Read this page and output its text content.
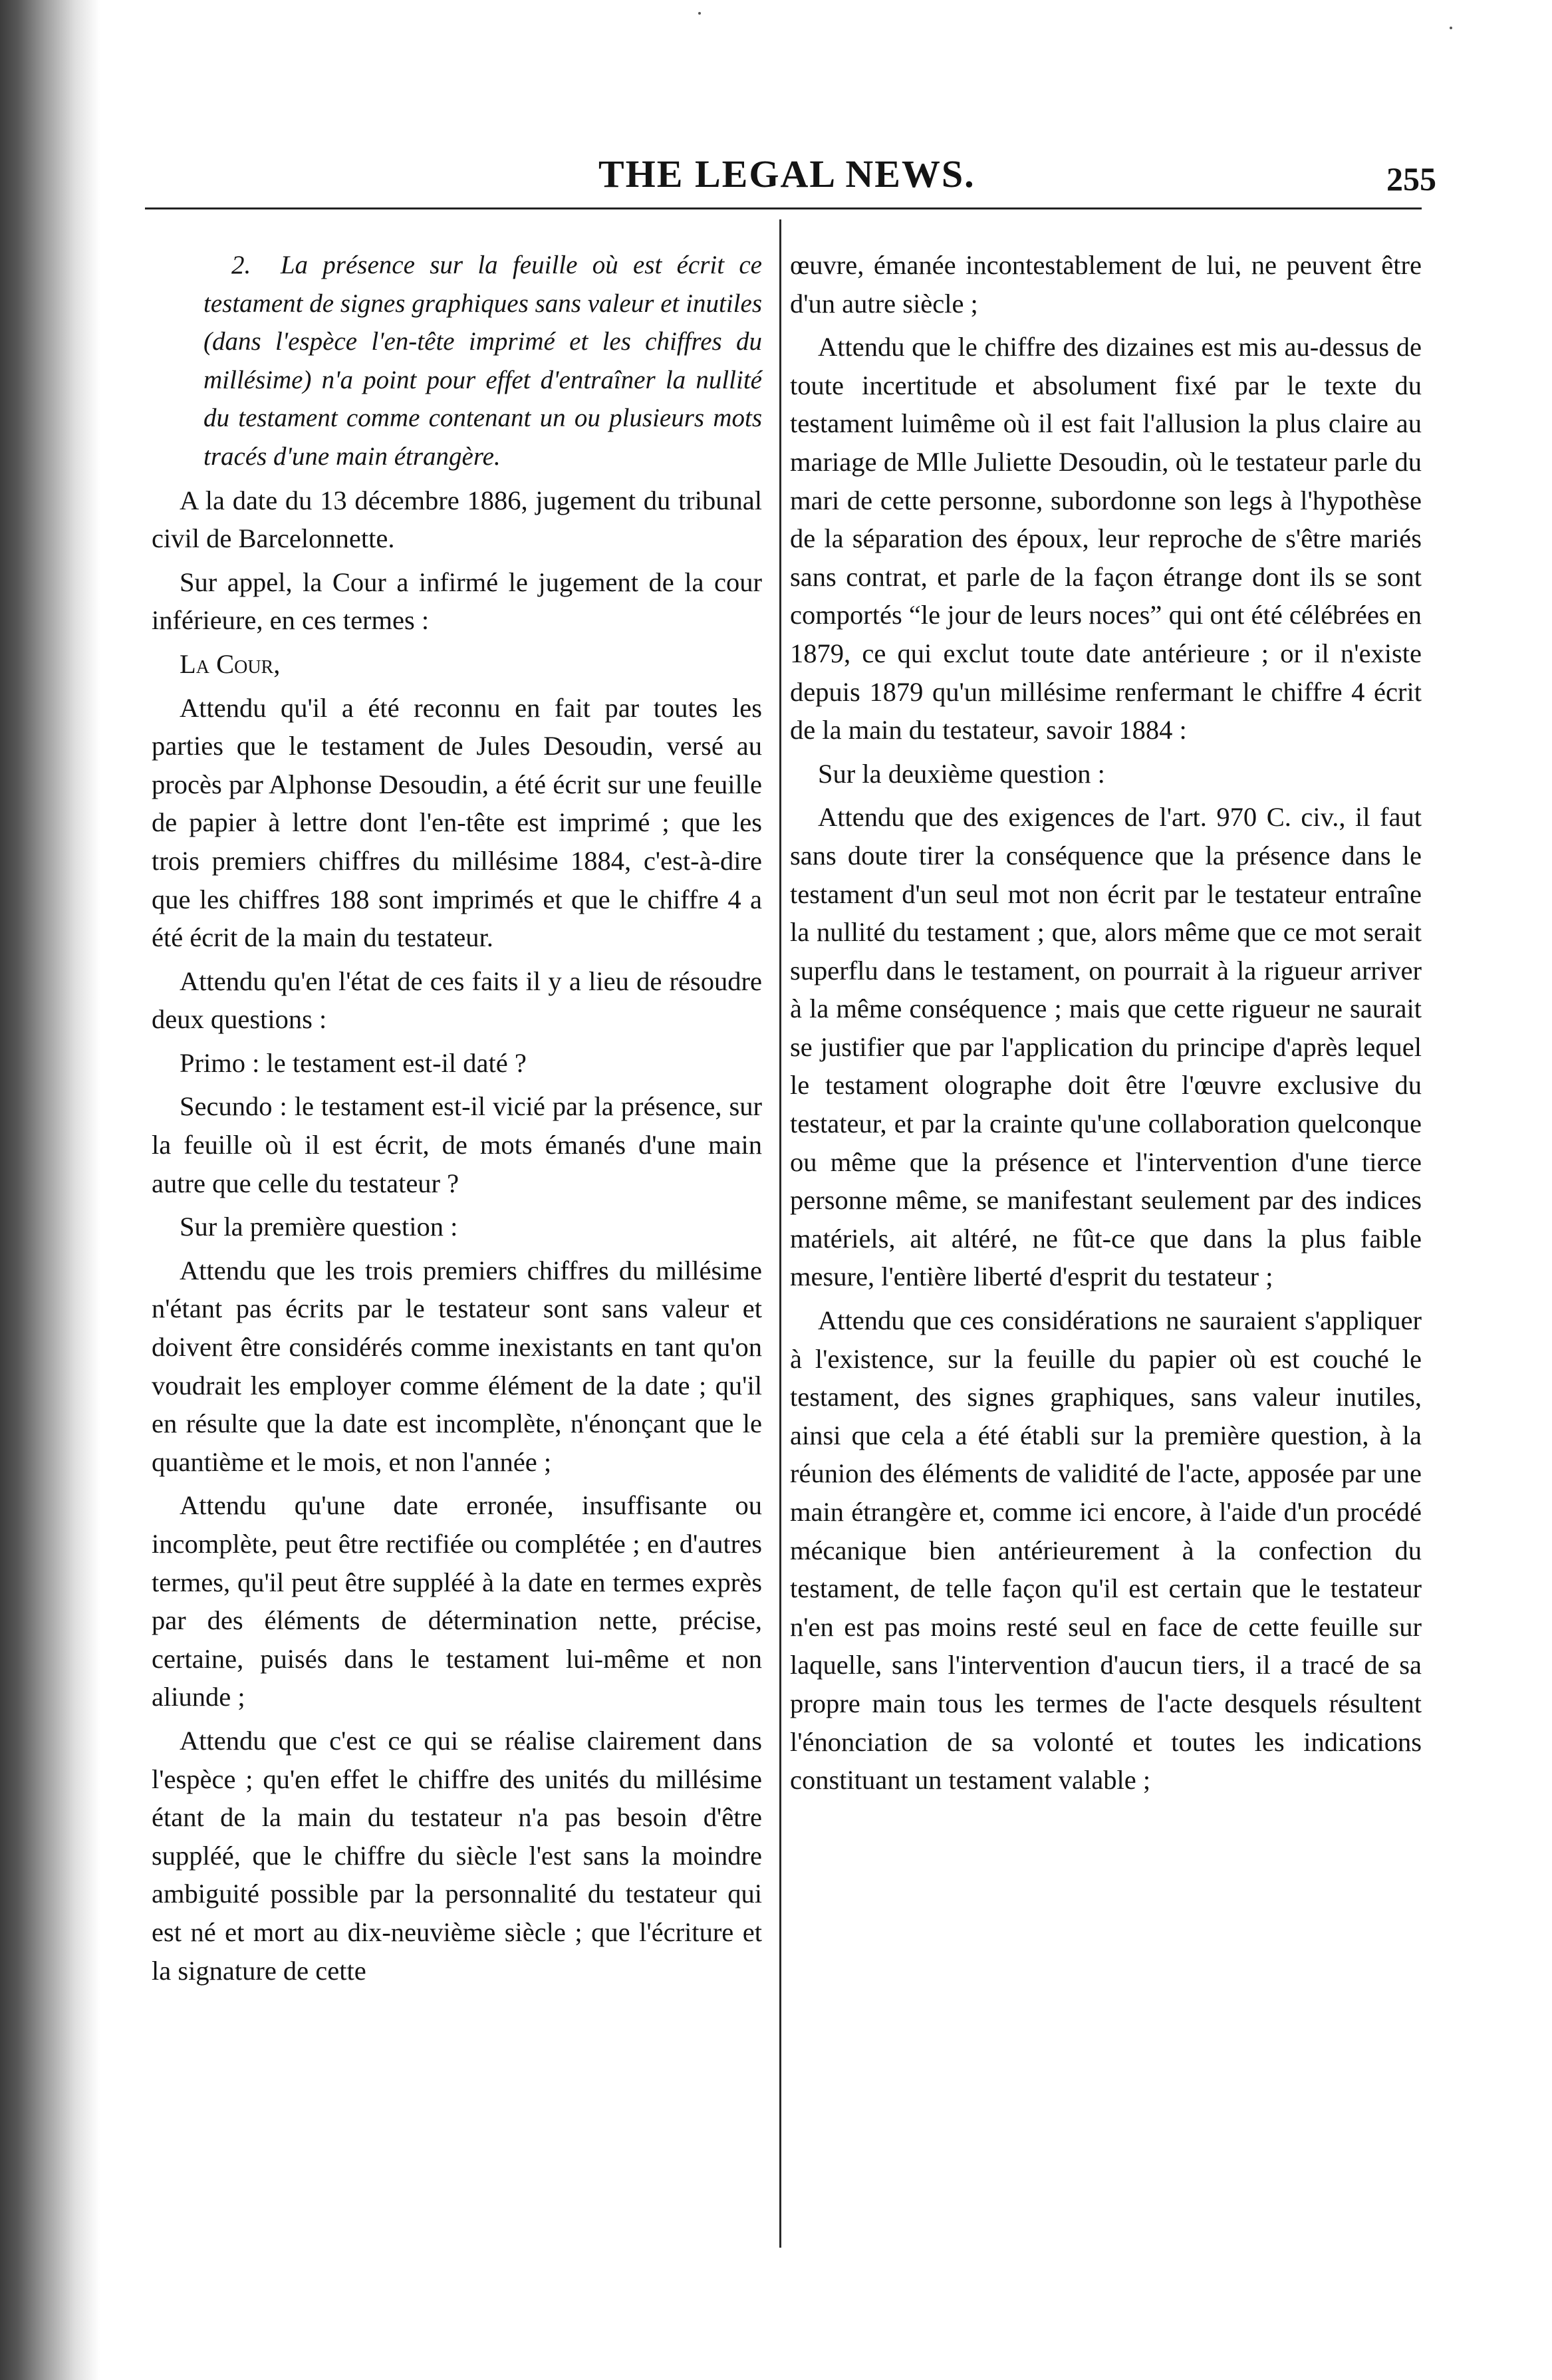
THE LEGAL NEWS.	255

2. La présence sur la feuille où est écrit ce testament de signes graphiques sans valeur et inutiles (dans l'espèce l'en-tête imprimé et les chiffres du millésime) n'a point pour effet d'entraîner la nullité du testament comme contenant un ou plusieurs mots tracés d'une main étrangère.

A la date du 13 décembre 1886, jugement du tribunal civil de Barcelonnette.

Sur appel, la Cour a infirmé le jugement de la cour inférieure, en ces termes :

La Cour,

Attendu qu'il a été reconnu en fait par toutes les parties que le testament de Jules Desoudin, versé au procès par Alphonse Desoudin, a été écrit sur une feuille de papier à lettre dont l'en-tête est imprimé ; que les trois premiers chiffres du millésime 1884, c'est-à-dire que les chiffres 188 sont imprimés et que le chiffre 4 a été écrit de la main du testateur.

Attendu qu'en l'état de ces faits il y a lieu de résoudre deux questions :

Primo : le testament est-il daté ?

Secundo : le testament est-il vicié par la présence, sur la feuille où il est écrit, de mots émanés d'une main autre que celle du testateur ?

Sur la première question :

Attendu que les trois premiers chiffres du millésime n'étant pas écrits par le testateur sont sans valeur et doivent être considérés comme inexistants en tant qu'on voudrait les employer comme élément de la date ; qu'il en résulte que la date est incomplète, n'énonçant que le quantième et le mois, et non l'année ;

Attendu qu'une date erronée, insuffisante ou incomplète, peut être rectifiée ou complétée ; en d'autres termes, qu'il peut être suppléé à la date en termes exprès par des éléments de détermination nette, précise, certaine, puisés dans le testament lui-même et non aliunde ;

Attendu que c'est ce qui se réalise clairement dans l'espèce ; qu'en effet le chiffre des unités du millésime étant de la main du testateur n'a pas besoin d'être suppléé, que le chiffre du siècle l'est sans la moindre ambiguité possible par la personnalité du testateur qui est né et mort au dix-neuvième siècle ; que l'écriture et la signature de cette

œuvre, émanée incontestablement de lui, ne peuvent être d'un autre siècle ;

Attendu que le chiffre des dizaines est mis au-dessus de toute incertitude et absolument fixé par le texte du testament luimême où il est fait l'allusion la plus claire au mariage de Mlle Juliette Desoudin, où le testateur parle du mari de cette personne, subordonne son legs à l'hypothèse de la séparation des époux, leur reproche de s'être mariés sans contrat, et parle de la façon étrange dont ils se sont comportés “le jour de leurs noces” qui ont été célébrées en 1879, ce qui exclut toute date antérieure ; or il n'existe depuis 1879 qu'un millésime renfermant le chiffre 4 écrit de la main du testateur, savoir 1884 :

Sur la deuxième question :

Attendu que des exigences de l'art. 970 C. civ., il faut sans doute tirer la conséquence que la présence dans le testament d'un seul mot non écrit par le testateur entraîne la nullité du testament ; que, alors même que ce mot serait superflu dans le testament, on pourrait à la rigueur arriver à la même conséquence ; mais que cette rigueur ne saurait se justifier que par l'application du principe d'après lequel le testament olographe doit être l'œuvre exclusive du testateur, et par la crainte qu'une collaboration quelconque ou même que la présence et l'intervention d'une tierce personne même, se manifestant seulement par des indices matériels, ait altéré, ne fût-ce que dans la plus faible mesure, l'entière liberté d'esprit du testateur ;

Attendu que ces considérations ne sauraient s'appliquer à l'existence, sur la feuille du papier où est couché le testament, des signes graphiques, sans valeur inutiles, ainsi que cela a été établi sur la première question, à la réunion des éléments de validité de l'acte, apposée par une main étrangère et, comme ici encore, à l'aide d'un procédé mécanique bien antérieurement à la confection du testament, de telle façon qu'il est certain que le testateur n'en est pas moins resté seul en face de cette feuille sur laquelle, sans l'intervention d'aucun tiers, il a tracé de sa propre main tous les termes de l'acte desquels résultent l'énonciation de sa volonté et toutes les indications constituant un testament valable ;
